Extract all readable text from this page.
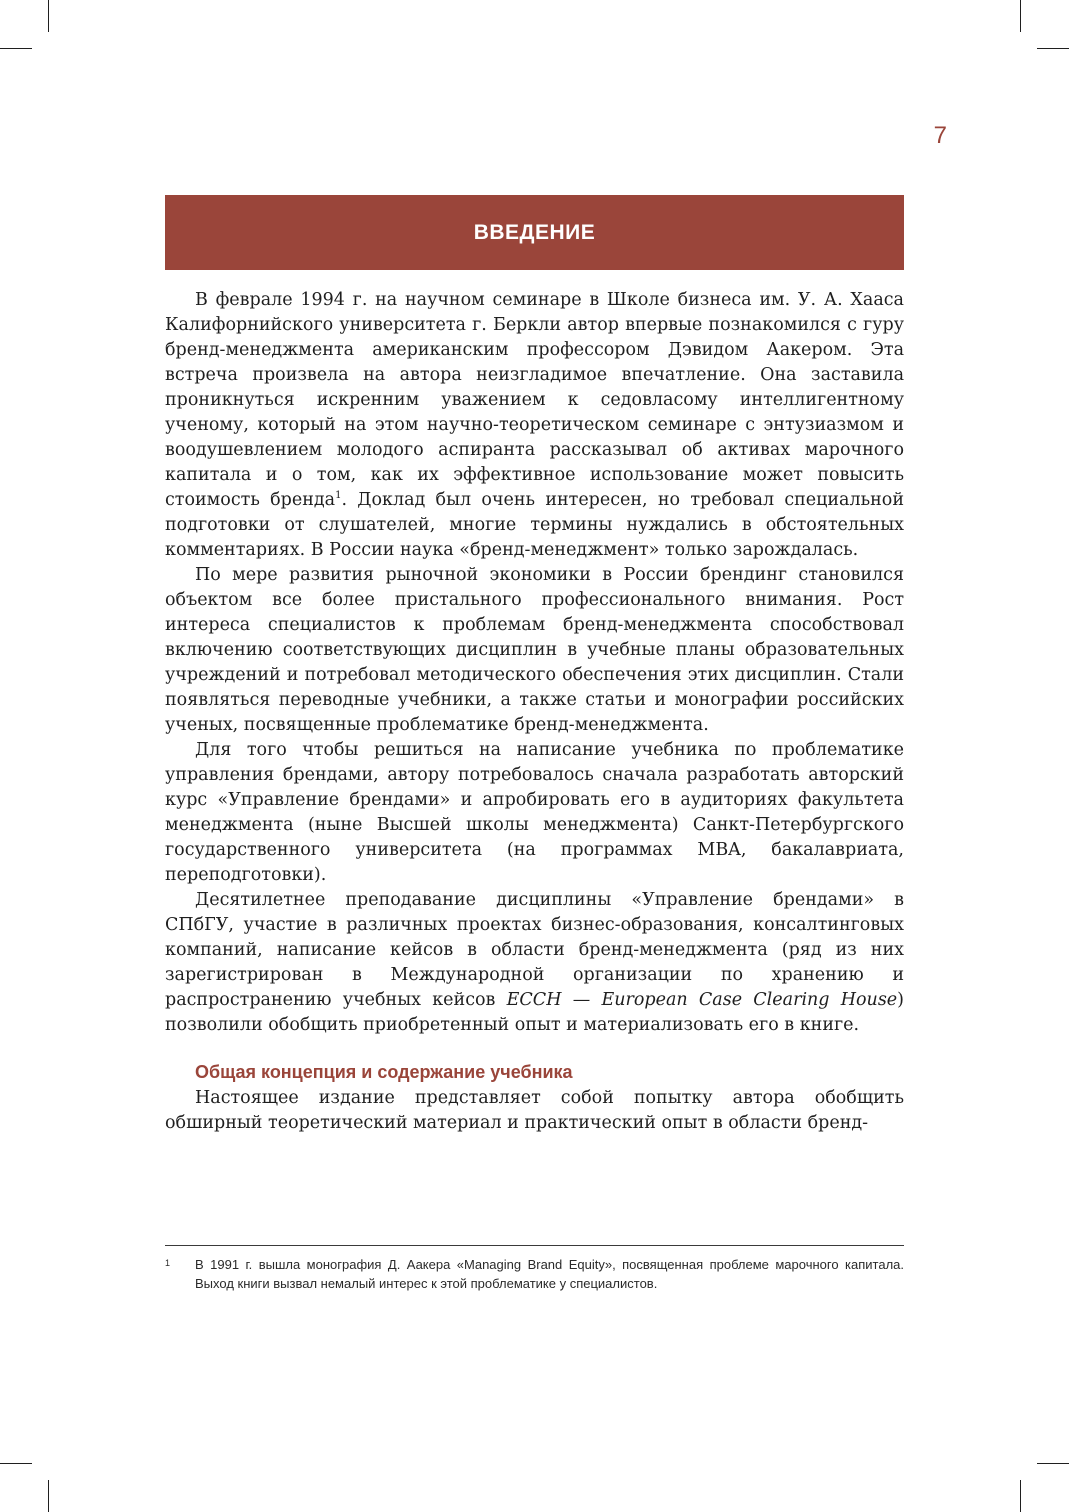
7
ВВЕДЕНИЕ

В феврале 1994 г. на научном семинаре в Школе бизнеса им. У. А. Хааса Калифорнийского университета г. Беркли автор впервые познакомился с гуру бренд-менеджмента американским профессором Дэвидом Аакером. Эта встреча произвела на автора неизгладимое впечатление. Она заставила проникнуться искренним уважением к седовласому интеллигентному ученому, который на этом научно-теоретическом семинаре с энтузиазмом и воодушевлением молодого аспиранта рассказывал об активах марочного капитала и о том, как их эффективное использование может повысить стоимость бренда$^1$. Доклад был очень интересен, но требовал специальной подготовки от слушателей, многие термины нуждались в обстоятельных комментариях. В России наука «бренд-менеджмент» только зарождалась.

По мере развития рыночной экономики в России брендинг становился объектом все более пристального профессионального внимания. Рост интереса специалистов к проблемам бренд-менеджмента способствовал включению соответствующих дисциплин в учебные планы образовательных учреждений и потребовал методического обеспечения этих дисциплин. Стали появляться переводные учебники, а также статьи и монографии российских ученых, посвященные проблематике бренд-менеджмента.

Для того чтобы решиться на написание учебника по проблематике управления брендами, автору потребовалось сначала разработать авторский курс «Управление брендами» и апробировать его в аудиториях факультета менеджмента (ныне Высшей школы менеджмента) Санкт-Петербургского государственного университета (на программах MBA, бакалавриата, переподготовки).

Десятилетнее преподавание дисциплины «Управление брендами» в СПбГУ, участие в различных проектах бизнес-образования, консалтинговых компаний, написание кейсов в области бренд-менеджмента (ряд из них зарегистрирован в Международной организации по хранению и распространению учебных кейсов ECCH — European Case Clearing House) позволили обобщить приобретенный опыт и материализовать его в книге.

Общая концепция и содержание учебника

Настоящее издание представляет собой попытку автора обобщить обширный теоретический материал и практический опыт в области бренд-

1 В 1991 г. вышла монография Д. Аакера «Managing Brand Equity», посвященная проблеме марочного капитала. Выход книги вызвал немалый интерес к этой проблематике у специалистов.
